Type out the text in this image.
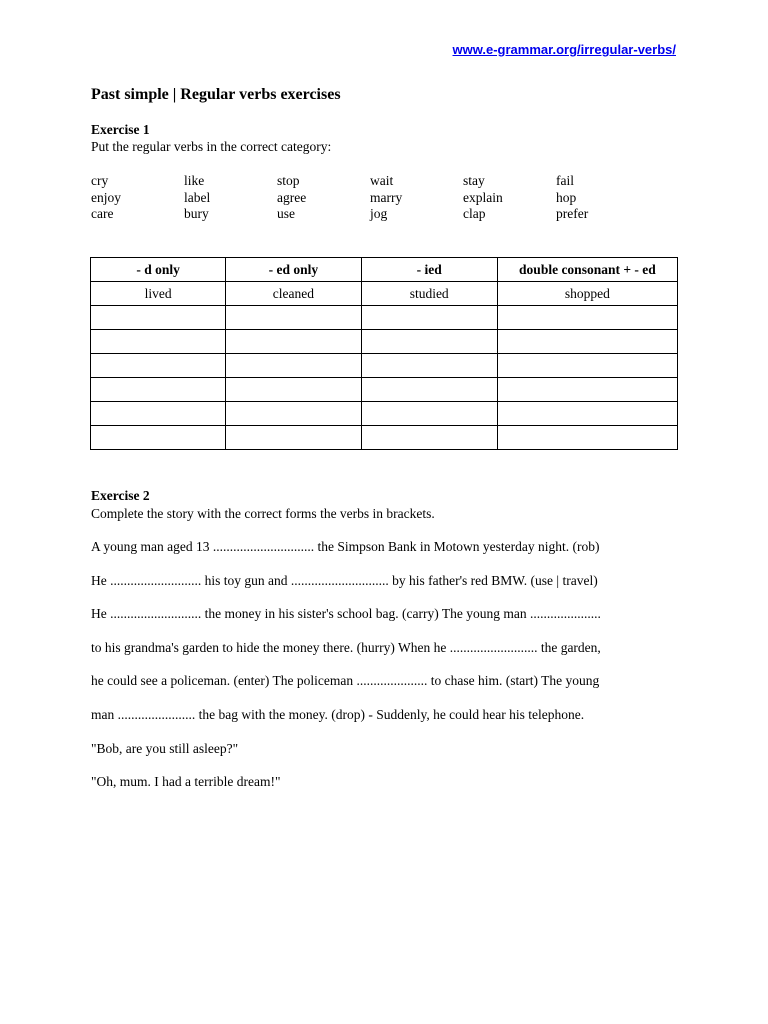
www.e-grammar.org/irregular-verbs/
Past simple | Regular verbs exercises
Exercise 1
Put the regular verbs in the correct category:
cry	like	stop	wait	stay	fail
enjoy	label	agree	marry	explain	hop
care	bury	use	jog	clap	prefer
- d only	- ed only	- ied	double consonant + - ed
lived	cleaned	studied	shopped

Exercise 2
Complete the story with the correct forms the verbs in brackets.

A young man aged 13 .............................. the Simpson Bank in Motown yesterday night. (rob)

He ........................... his toy gun and ............................. by his father's red BMW. (use | travel)

He ........................... the money in his sister's school bag. (carry) The young man .....................

to his grandma's garden to hide the money there. (hurry) When he .......................... the garden,

he could see a policeman. (enter) The policeman ..................... to chase him. (start) The young

man ....................... the bag with the money. (drop) - Suddenly, he could hear his telephone.

"Bob, are you still asleep?"

"Oh, mum. I had a terrible dream!"
